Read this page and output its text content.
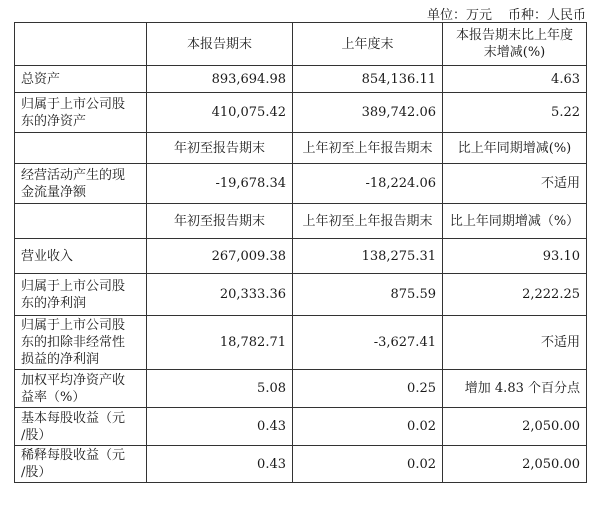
单位：万元 币种：人民币
	本报告期末	上年度末	本报告期末比上年度
末增减(%)
总资产	893,694.98	854,136.11	4.63
归属于上市公司股
东的净资产	410,075.42	389,742.06	5.22
	年初至报告期末	上年初至上年报告期末	比上年同期增减(%)
经营活动产生的现
金流量净额	-19,678.34	-18,224.06	不适用
	年初至报告期末	上年初至上年报告期末	比上年同期增减（%）
营业收入	267,009.38	138,275.31	93.10
归属于上市公司股
东的净利润	20,333.36	875.59	2,222.25
归属于上市公司股
东的扣除非经常性
损益的净利润	18,782.71	-3,627.41	不适用
加权平均净资产收
益率（%）	5.08	0.25	增加 4.83 个百分点
基本每股收益（元
/股）	0.43	0.02	2,050.00
稀释每股收益（元
/股）	0.43	0.02	2,050.00
